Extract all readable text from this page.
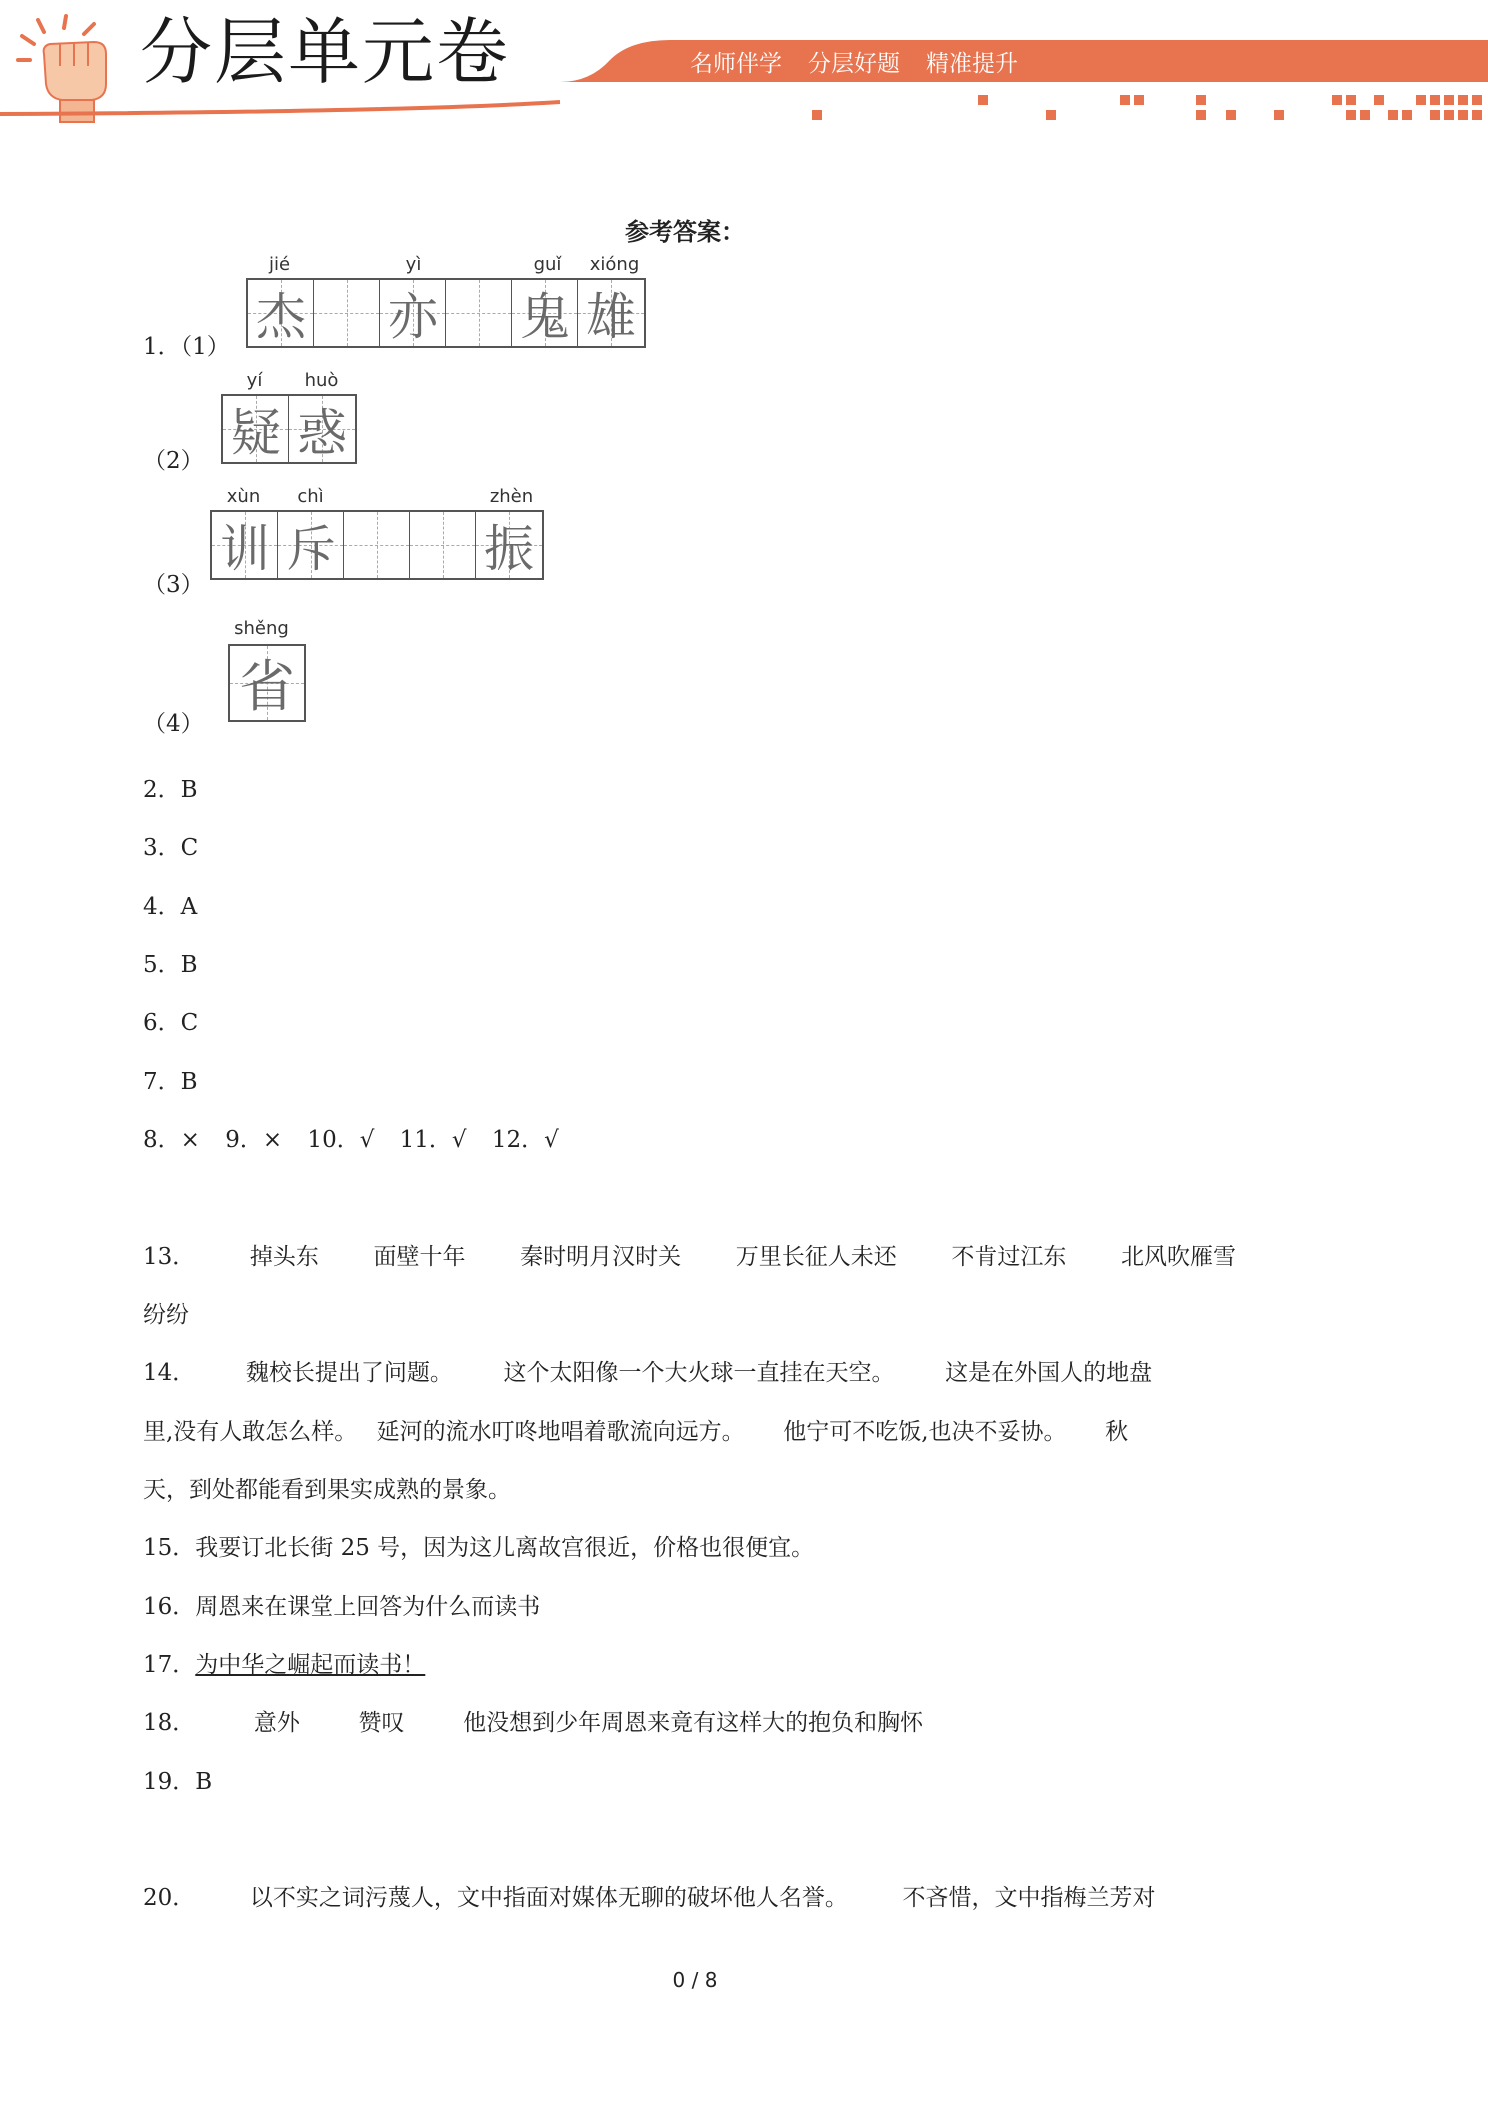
分层单元卷	名师伴学 分层好题 精准提升
参考答案：
1．（1）
jié	yì	guǐ	xióng
杰 亦 鬼 雄
（2）
yí	huò
疑 惑
（3）
xùn	chì	zhèn
训 斥	振
（4）
shěng
省
2．B
3．C
4．A
5．B
6．C
7．B
8．× 9．× 10．√ 11．√ 12．√
13．  掉头东  面壁十年  秦时明月汉时关  万里长征人未还  不肯过江东  北风吹雁雪
纷纷
14．  魏校长提出了问题。  这个太阳像一个大火球一直挂在天空。  这是在外国人的地盘
里,没有人敢怎么样。 延河的流水叮咚地唱着歌流向远方。  他宁可不吃饭,也决不妥协。  秋
天，到处都能看到果实成熟的景象。
15．我要订北长街 25 号，因为这儿离故宫很近，价格也很便宜。
16．周恩来在课堂上回答为什么而读书
17．为中华之崛起而读书！
18．  意外  赞叹  他没想到少年周恩来竟有这样大的抱负和胸怀
19．B
20．  以不实之词污蔑人，文中指面对媒体无聊的破坏他人名誉。  不吝惜，文中指梅兰芳对
0 / 8
